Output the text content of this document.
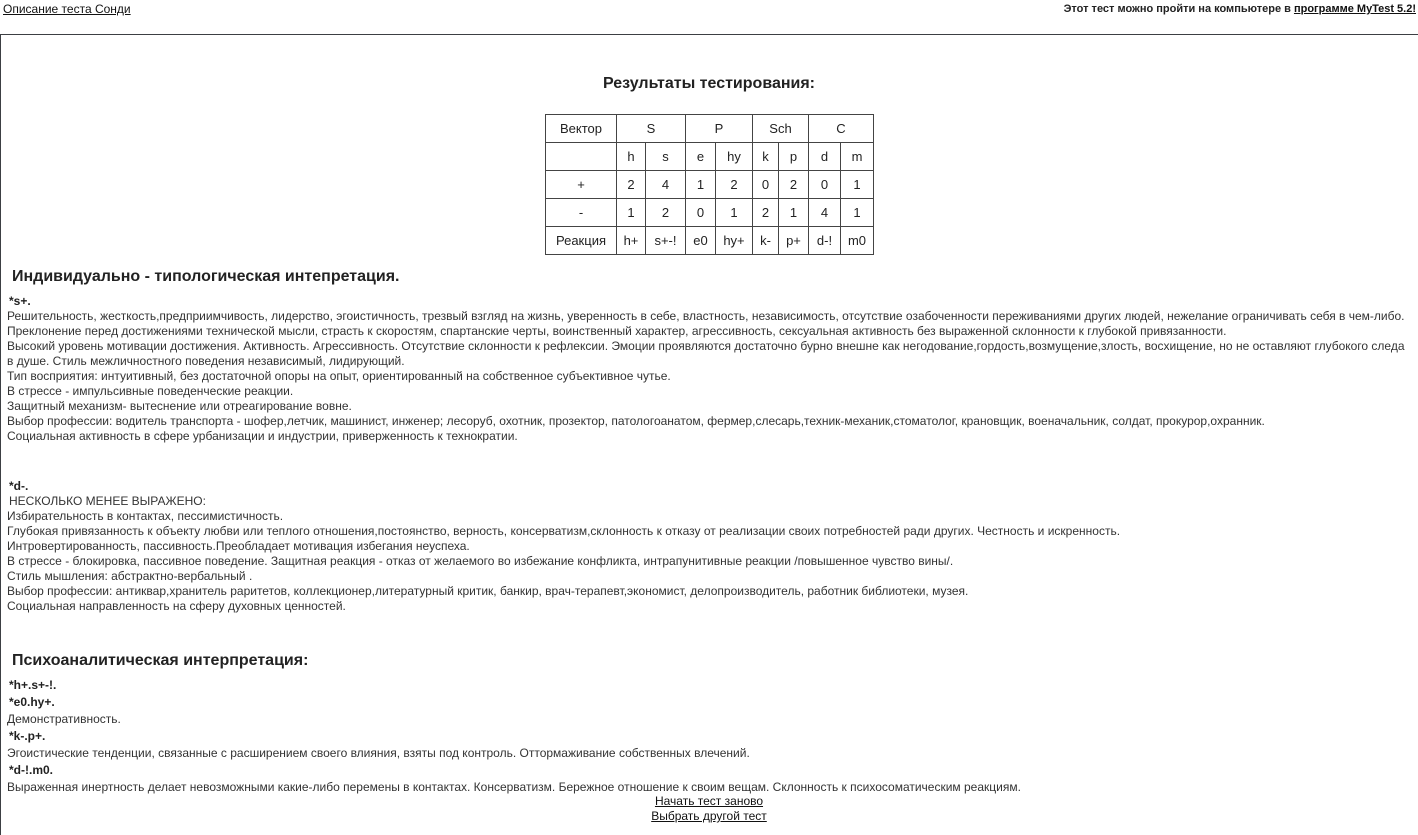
Описание теста Сонди	Этот тест можно пройти на компьютере в программе MyTest 5.2!
Результаты тестирования:
Вектор	S		P		Sch		C	
	h	s	e	hy	k	p	d	m
+	2	4	1	2	0	2	0	1
-	1	2	0	1	2	1	4	1
Реакция	h+	s+-!	e0	hy+	k-	p+	d-!	m0
Индивидуально - типологическая интепретация.
*s+.
Решительность, жесткость,предприимчивость, лидерство, эгоистичность, трезвый взгляд на жизнь, уверенность в себе, властность, независимость, отсутствие озабоченности переживаниями других людей, нежелание ограничивать себя в чем-либо. Преклонение перед достижениями технической мысли, страсть к скоростям, спартанские черты, воинственный характер, агрессивность, сексуальная активность без выраженной склонности к глубокой привязанности.
Высокий уровень мотивации достижения. Активность. Агрессивность. Отсутствие склонности к рефлексии. Эмоции проявляются достаточно бурно внешне как негодование,гордость,возмущение,злость, восхищение, но не оставляют глубокого следа в душе. Стиль межличностного поведения независимый, лидирующий.
Тип восприятия: интуитивный, без достаточной опоры на опыт, ориентированный на собственное субъективное чутье.
В стрессе - импульсивные поведенческие реакции.
Защитный механизм- вытеснение или отреагирование вовне.
Выбор профессии: водитель транспорта - шофер,летчик, машинист, инженер; лесоруб, охотник, прозектор, патологоанатом, фермер,слесарь,техник-механик,стоматолог, крановщик, военачальник, солдат, прокурор,охранник.
Социальная активность в сфере урбанизации и индустрии, приверженность к технократии.
*d-.
НЕСКОЛЬКО МЕНЕЕ ВЫРАЖЕНО:
Избирательность в контактах, пессимистичность.
Глубокая привязанность к объекту любви или теплого отношения,постоянство, верность, консерватизм,склонность к отказу от реализации своих потребностей ради других. Честность и искренность.
Интровертированность, пассивность.Преобладает мотивация избегания неуспеха.
В стрессе - блокировка, пассивное поведение. Защитная реакция - отказ от желаемого во избежание конфликта, интрапунитивные реакции /повышенное чувство вины/.
Стиль мышления: абстрактно-вербальный .
Выбор профессии: антиквар,хранитель раритетов, коллекционер,литературный критик, банкир, врач-терапевт,экономист, делопроизводитель, работник библиотеки, музея.
Социальная направленность на сферу духовных ценностей.
Психоаналитическая интерпретация:
*h+.s+-!.
*e0.hy+.
Демонстративность.
*k-.p+.
Эгоистические тенденции, связанные с расширением своего влияния, взяты под контроль. Оттормаживание собственных влечений.
*d-!.m0.
Выраженная инертность делает невозможными какие-либо перемены в контактах. Консерватизм. Бережное отношение к своим вещам. Склонность к психосоматическим реакциям.
Начать тест заново
Выбрать другой тест
